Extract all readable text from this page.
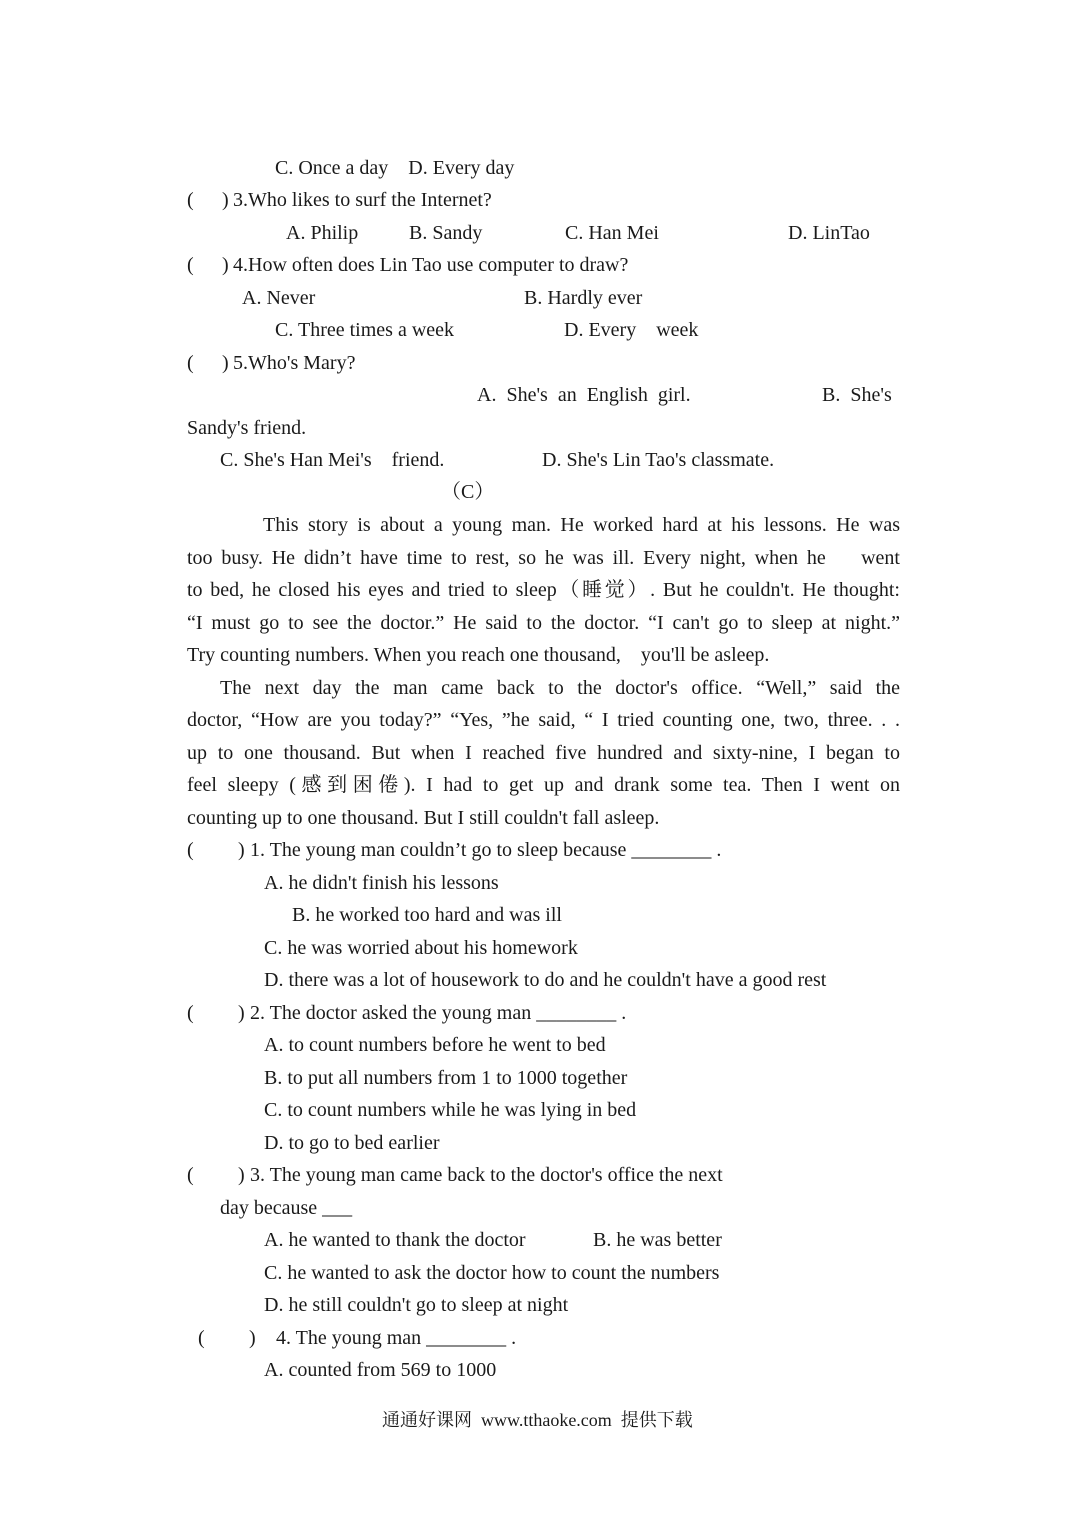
C. Once a day    D. Every day
( ) 3.Who likes to surf the Internet?
A. Philip	B. Sandy	C. Han Mei	D. LinTao
( ) 4.How often does Lin Tao use computer to draw?
A. Never	B. Hardly ever
C. Three times a week	D. Every    week
( ) 5.Who's Mary?
A.  She's  an  English  girl.	B.  She's
Sandy's friend.
C. She's Han Mei's    friend.	D. She's Lin Tao's classmate.
（C）
This story is about a young man. He worked hard at his lessons. He was
too busy. He didn’t have time to rest, so he was ill. Every night, when he    went
to bed, he closed his eyes and tried to sleep（睡觉）. But he couldn't. He thought:
“I must go to see the doctor.” He said to the doctor. “I can't go to sleep at night.”
Try counting numbers. When you reach one thousand,    you'll be asleep.
The next day the man came back to the doctor's office. “Well,” said the
doctor, “How are you today?” “Yes, ”he said, “ I tried counting one, two, three. . .
up to one thousand. But when I reached five hundred and sixty-nine, I began to
feel sleepy (感到困倦). I had to get up and drank some tea. Then I went on
counting up to one thousand. But I still couldn't fall asleep.
( ) 1. The young man couldn’t go to sleep because ________ .
A. he didn't finish his lessons
B. he worked too hard and was ill
C. he was worried about his homework
D. there was a lot of housework to do and he couldn't have a good rest
( ) 2. The doctor asked the young man ________ .
A. to count numbers before he went to bed
B. to put all numbers from 1 to 1000 together
C. to count numbers while he was lying in bed
D. to go to bed earlier
( ) 3. The young man came back to the doctor's office the next
day because ___
A. he wanted to thank the doctor	B. he was better
C. he wanted to ask the doctor how to count the numbers
D. he still couldn't go to sleep at night
( ) 4. The young man ________ .
A. counted from 569 to 1000
通通好课网  www.tthaoke.com  提供下载
